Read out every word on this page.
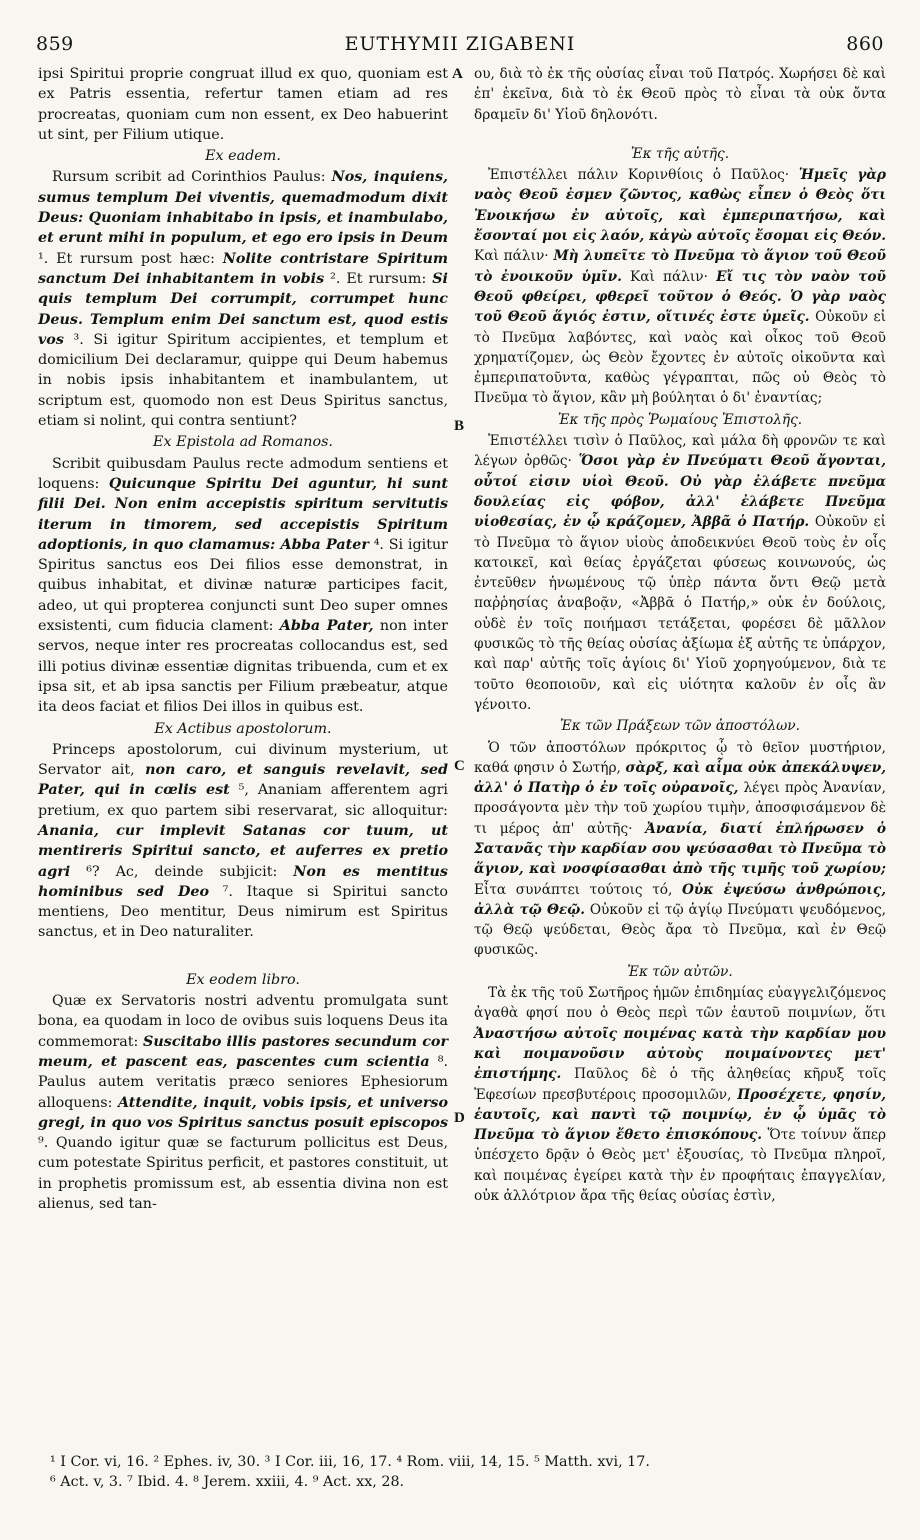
859	EUTHYMII ZIGABENI	860
A
B
C
D

ipsi Spiritui proprie congruat illud ex quo, quoniam est ex Patris essentia, refertur tamen etiam ad res procreatas, quoniam cum non essent, ex Deo habuerint ut sint, per Filium utique.

Ex eadem.

Rursum scribit ad Corinthios Paulus: Nos, inquiens, sumus templum Dei viventis, quemadmodum dixit Deus: Quoniam inhabitabo in ipsis, et inambulabo, et erunt mihi in populum, et ego ero ipsis in Deum ¹. Et rursum post hæc: Nolite contristare Spiritum sanctum Dei inhabitantem in vobis ². Et rursum: Si quis templum Dei corrumpit, corrumpet hunc Deus. Templum enim Dei sanctum est, quod estis vos ³. Si igitur Spiritum accipientes, et templum et domicilium Dei declaramur, quippe qui Deum habemus in nobis ipsis inhabitantem et inambulantem, ut scriptum est, quomodo non est Deus Spiritus sanctus, etiam si nolint, qui contra sentiunt?

Ex Epistola ad Romanos.

Scribit quibusdam Paulus recte admodum sentiens et loquens: Quicunque Spiritu Dei aguntur, hi sunt filii Dei. Non enim accepistis spiritum servitutis iterum in timorem, sed accepistis Spiritum adoptionis, in quo clamamus: Abba Pater ⁴. Si igitur Spiritus sanctus eos Dei filios esse demonstrat, in quibus inhabitat, et divinæ naturæ participes facit, adeo, ut qui propterea conjuncti sunt Deo super omnes exsistenti, cum fiducia clament: Abba Pater, non inter servos, neque inter res procreatas collocandus est, sed illi potius divinæ essentiæ dignitas tribuenda, cum et ex ipsa sit, et ab ipsa sanctis per Filium præbeatur, atque ita deos faciat et filios Dei illos in quibus est.

Ex Actibus apostolorum.

Princeps apostolorum, cui divinum mysterium, ut Servator ait, non caro, et sanguis revelavit, sed Pater, qui in cœlis est ⁵, Ananiam afferentem agri pretium, ex quo partem sibi reservarat, sic alloquitur: Anania, cur implevit Satanas cor tuum, ut mentireris Spiritui sancto, et auferres ex pretio agri ⁶? Ac, deinde subjicit: Non es mentitus hominibus sed Deo ⁷. Itaque si Spiritui sancto mentiens, Deo mentitur, Deus nimirum est Spiritus sanctus, et in Deo naturaliter.

Ex eodem libro.

Quæ ex Servatoris nostri adventu promulgata sunt bona, ea quodam in loco de ovibus suis loquens Deus ita commemorat: Suscitabo illis pastores secundum cor meum, et pascent eas, pascentes cum scientia ⁸. Paulus autem veritatis præco seniores Ephesiorum alloquens: Attendite, inquit, vobis ipsis, et universo gregi, in quo vos Spiritus sanctus posuit episcopos ⁹. Quando igitur quæ se facturum pollicitus est Deus, cum potestate Spiritus perficit, et pastores constituit, ut in prophetis promissum est, ab essentia divina non est alienus, sed tan-

ου, διὰ τὸ ἐκ τῆς οὐσίας εἶναι τοῦ Πατρός. Χωρήσει δὲ καὶ ἐπ' ἐκεῖνα, διὰ τὸ ἐκ Θεοῦ πρὸς τὸ εἶναι τὰ οὐκ ὄντα δραμεῖν δι' Υἱοῦ δηλονότι.

Ἐκ τῆς αὐτῆς.

Ἐπιστέλλει πάλιν Κορινθίοις ὁ Παῦλος· Ἡμεῖς γὰρ ναὸς Θεοῦ ἐσμεν ζῶντος, καθὼς εἶπεν ὁ Θεὸς ὅτι Ἐνοικήσω ἐν αὐτοῖς, καὶ ἐμπεριπατήσω, καὶ ἔσονταί μοι εἰς λαόν, κἀγὼ αὐτοῖς ἔσομαι εἰς Θεόν. Καὶ πάλιν· Μὴ λυπεῖτε τὸ Πνεῦμα τὸ ἅγιον τοῦ Θεοῦ τὸ ἐνοικοῦν ὑμῖν. Καὶ πάλιν· Εἴ τις τὸν ναὸν τοῦ Θεοῦ φθείρει, φθερεῖ τοῦτον ὁ Θεός. Ὁ γὰρ ναὸς τοῦ Θεοῦ ἅγιός ἐστιν, οἵτινές ἐστε ὑμεῖς. Οὐκοῦν εἰ τὸ Πνεῦμα λαβόντες, καὶ ναὸς καὶ οἶκος τοῦ Θεοῦ χρηματίζομεν, ὡς Θεὸν ἔχοντες ἐν αὐτοῖς οἰκοῦντα καὶ ἐμπεριπατοῦντα, καθὼς γέγραπται, πῶς οὐ Θεὸς τὸ Πνεῦμα τὸ ἅγιον, κἂν μὴ βούληται ὁ δι' ἐναντίας;

Ἐκ τῆς πρὸς Ῥωμαίους Ἐπιστολῆς.

Ἐπιστέλλει τισὶν ὁ Παῦλος, καὶ μάλα δὴ φρονῶν τε καὶ λέγων ὀρθῶς· Ὅσοι γὰρ ἐν Πνεύματι Θεοῦ ἄγονται, οὗτοί εἰσιν υἱοὶ Θεοῦ. Οὐ γὰρ ἐλάβετε πνεῦμα δουλείας εἰς φόβον, ἀλλ' ἐλάβετε Πνεῦμα υἱοθεσίας, ἐν ᾧ κράζομεν, Ἀββᾶ ὁ Πατήρ. Οὐκοῦν εἰ τὸ Πνεῦμα τὸ ἅγιον υἱοὺς ἀποδεικνύει Θεοῦ τοὺς ἐν οἷς κατοικεῖ, καὶ θείας ἐργάζεται φύσεως κοινωνούς, ὡς ἐντεῦθεν ἡνωμένους τῷ ὑπὲρ πάντα ὄντι Θεῷ μετὰ παῤῥησίας ἀναβοᾷν, «Ἀββᾶ ὁ Πατήρ,» οὐκ ἐν δούλοις, οὐδὲ ἐν τοῖς ποιήμασι τετάξεται, φορέσει δὲ μᾶλλον φυσικῶς τὸ τῆς θείας οὐσίας ἀξίωμα ἐξ αὐτῆς τε ὑπάρχον, καὶ παρ' αὐτῆς τοῖς ἁγίοις δι' Υἱοῦ χορηγούμενον, διὰ τε τοῦτο θεοποιοῦν, καὶ εἰς υἱότητα καλοῦν ἐν οἷς ἂν γένοιτο.

Ἐκ τῶν Πράξεων τῶν ἀποστόλων.

Ὁ τῶν ἀποστόλων πρόκριτος ᾧ τὸ θεῖον μυστήριον, καθά φησιν ὁ Σωτήρ, σὰρξ, καὶ αἷμα οὐκ ἀπεκάλυψεν, ἀλλ' ὁ Πατὴρ ὁ ἐν τοῖς οὐρανοῖς, λέγει πρὸς Ἀνανίαν, προσάγοντα μὲν τὴν τοῦ χωρίου τιμὴν, ἀποσφισάμενον δὲ τι μέρος ἀπ' αὐτῆς· Ἀνανία, διατί ἐπλήρωσεν ὁ Σατανᾶς τὴν καρδίαν σου ψεύσασθαι τὸ Πνεῦμα τὸ ἅγιον, καὶ νοσφίσασθαι ἀπὸ τῆς τιμῆς τοῦ χωρίου; Εἶτα συνάπτει τούτοις τό, Οὐκ ἐψεύσω ἀνθρώποις, ἀλλὰ τῷ Θεῷ. Οὐκοῦν εἰ τῷ ἁγίῳ Πνεύματι ψευδόμενος, τῷ Θεῷ ψεύδεται, Θεὸς ἄρα τὸ Πνεῦμα, καὶ ἐν Θεῷ φυσικῶς.

Ἐκ τῶν αὐτῶν.

Τὰ ἐκ τῆς τοῦ Σωτῆρος ἡμῶν ἐπιδημίας εὐαγγελιζόμενος ἀγαθὰ φησί που ὁ Θεὸς περὶ τῶν ἑαυτοῦ ποιμνίων, ὅτι Ἀναστήσω αὐτοῖς ποιμένας κατὰ τὴν καρδίαν μου καὶ ποιμανοῦσιν αὐτοὺς ποιμαίνοντες μετ' ἐπιστήμης. Παῦλος δὲ ὁ τῆς ἀληθείας κῆρυξ τοῖς Ἐφεσίων πρεσβυτέροις προσομιλῶν, Προσέχετε, φησίν, ἑαυτοῖς, καὶ παντὶ τῷ ποιμνίῳ, ἐν ᾧ ὑμᾶς τὸ Πνεῦμα τὸ ἅγιον ἔθετο ἐπισκόπους. Ὅτε τοίνυν ἅπερ ὑπέσχετο δρᾷν ὁ Θεὸς μετ' ἐξουσίας, τὸ Πνεῦμα πληροῖ, καὶ ποιμένας ἐγείρει κατὰ τὴν ἐν προφήταις ἐπαγγελίαν, οὐκ ἀλλότριον ἄρα τῆς θείας οὐσίας ἐστὶν,

¹ I Cor. vi, 16. ² Ephes. iv, 30. ³ I Cor. iii, 16, 17. ⁴ Rom. viii, 14, 15. ⁵ Matth. xvi, 17.
⁶ Act. v, 3. ⁷ Ibid. 4. ⁸ Jerem. xxiii, 4. ⁹ Act. xx, 28.
